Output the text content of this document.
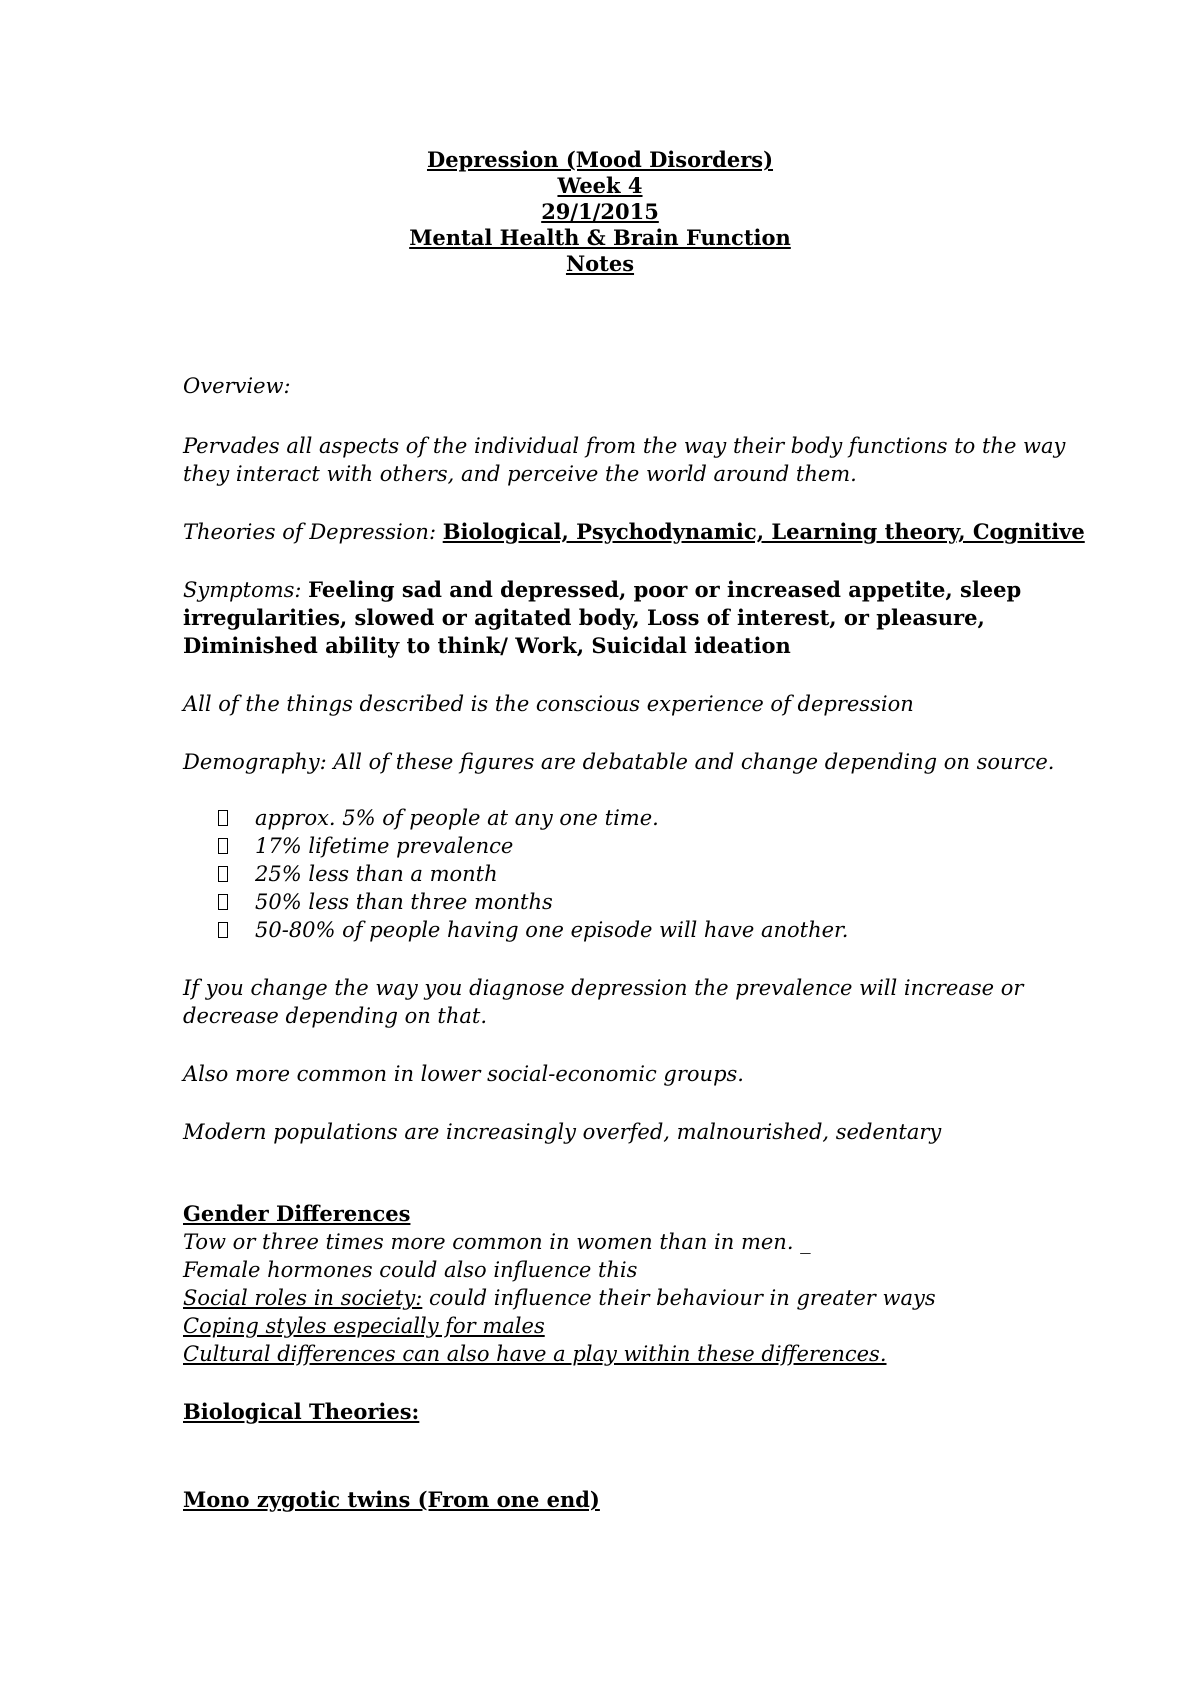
Depression (Mood Disorders)
Week 4
29/1/2015
Mental Health & Brain Function
Notes
Overview:
Pervades all aspects of the individual from the way their body functions to the way
they interact with others, and perceive the world around them.
Theories of Depression: Biological, Psychodynamic, Learning theory, Cognitive
Symptoms: Feeling sad and depressed, poor or increased appetite, sleep
irregularities, slowed or agitated body, Loss of interest, or pleasure,
Diminished ability to think/ Work, Suicidal ideation
All of the things described is the conscious experience of depression
Demography: All of these figures are debatable and change depending on source.
approx. 5% of people at any one time.
17% lifetime prevalence
25% less than a month
50% less than three months
50-80% of people having one episode will have another.
If you change the way you diagnose depression the prevalence will increase or
decrease depending on that.
Also more common in lower social-economic groups.
Modern populations are increasingly overfed, malnourished, sedentary
Gender Differences
Tow or three times more common in women than in men. _
Female hormones could also influence this
Social roles in society: could influence their behaviour in greater ways
Coping styles especially for males
Cultural differences can also have a play within these differences.
Biological Theories:
Mono zygotic twins (From one end)
